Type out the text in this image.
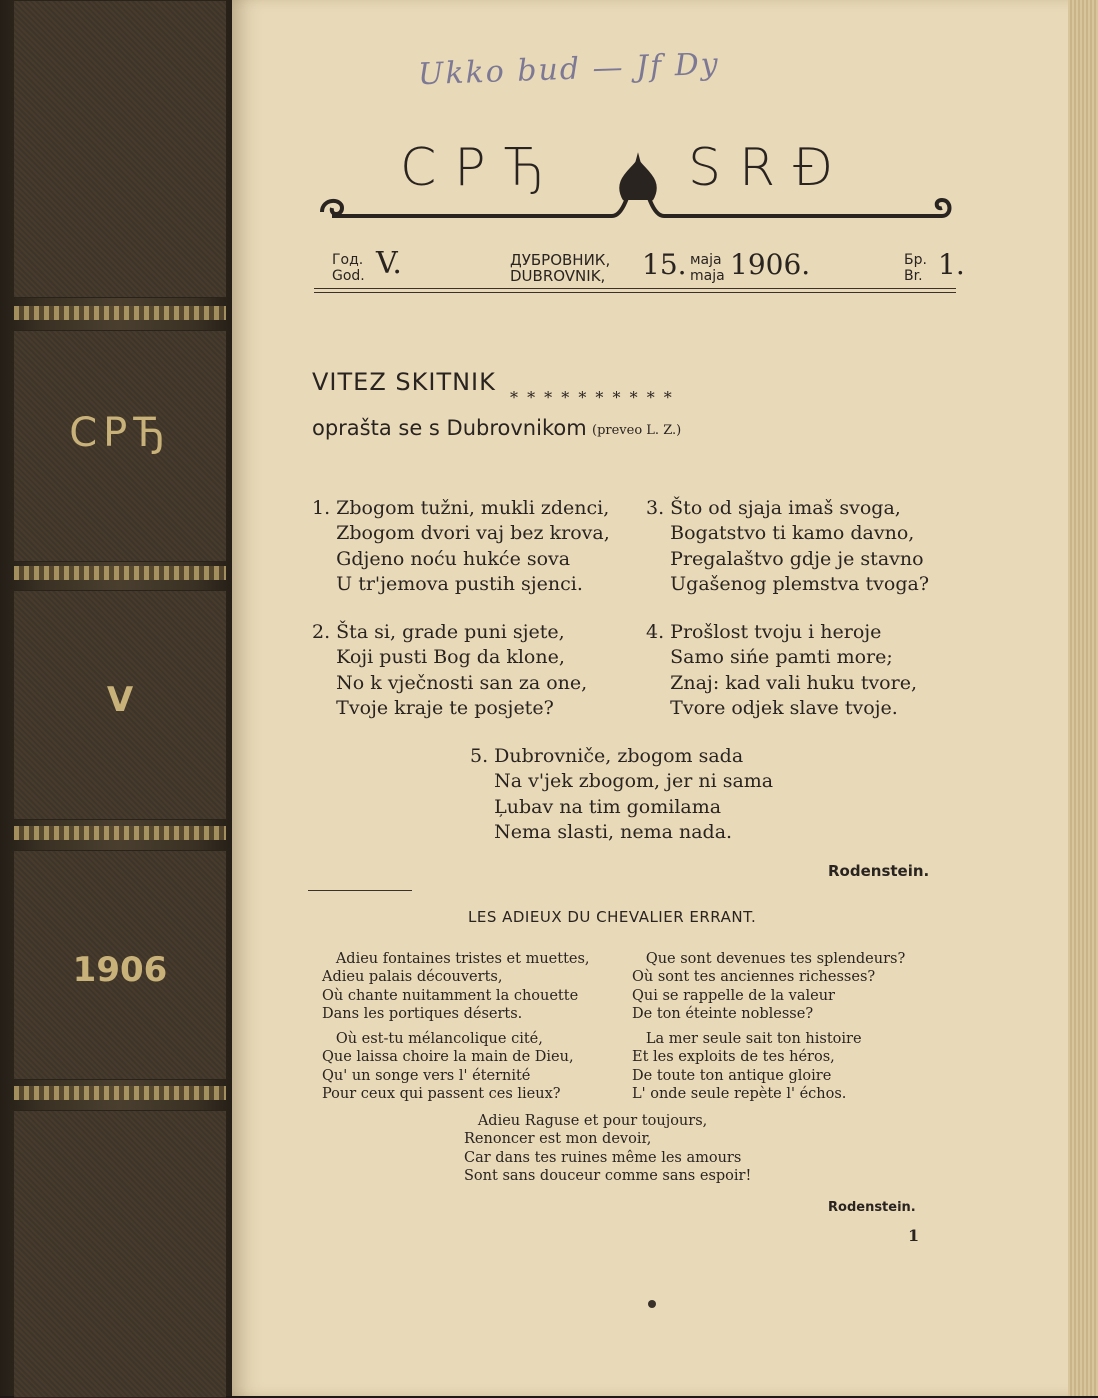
СРЂ
V
1906
Ukko bud — Jf Dy
СРЂ SRĐ
Год.
God. V.	ДУБРОВНИК,
DUBROVNIK, 15. маја
maja 1906.	Бр.
Br. 1.
VITEZ SKITNIK
* * * * * * * * * *
oprašta se s Dubrovnikom (preveo L. Z.)
1. Zbogom tužni, mukli zdenci,
Zbogom dvori vaj bez krova,
Gdjeno noću hukće sova
U tr'jemova pustih sjenci.
3. Što od sjaja imaš svoga,
Bogatstvo ti kamo davno,
Pregalaštvo gdje je stavno
Ugašenog plemstva tvoga?
2. Šta si, grade puni sjete,
Koji pusti Bog da klone,
No k vječnosti san za one,
Tvoje kraje te posjete?
4. Prošlost tvoju i heroje
Samo sińe pamti more;
Znaj: kad vali huku tvore,
Tvore odjek slave tvoje.
5. Dubrovniče, zbogom sada
Na v'jek zbogom, jer ni sama
Ļubav na tim gomilama
Nema slasti, nema nada.
Rodenstein.
LES ADIEUX DU CHEVALIER ERRANT.
Adieu fontaines tristes et muettes,
Adieu palais découverts,
Où chante nuitamment la chouette
Dans les portiques déserts.
Que sont devenues tes splendeurs?
Où sont tes anciennes richesses?
Qui se rappelle de la valeur
De ton éteinte noblesse?
Où est-tu mélancolique cité,
Que laissa choire la main de Dieu,
Qu' un songe vers l' éternité
Pour ceux qui passent ces lieux?
La mer seule sait ton histoire
Et les exploits de tes héros,
De toute ton antique gloire
L' onde seule repète l' échos.
Adieu Raguse et pour toujours,
Renoncer est mon devoir,
Car dans tes ruines même les amours
Sont sans douceur comme sans espoir!
Rodenstein.
1
